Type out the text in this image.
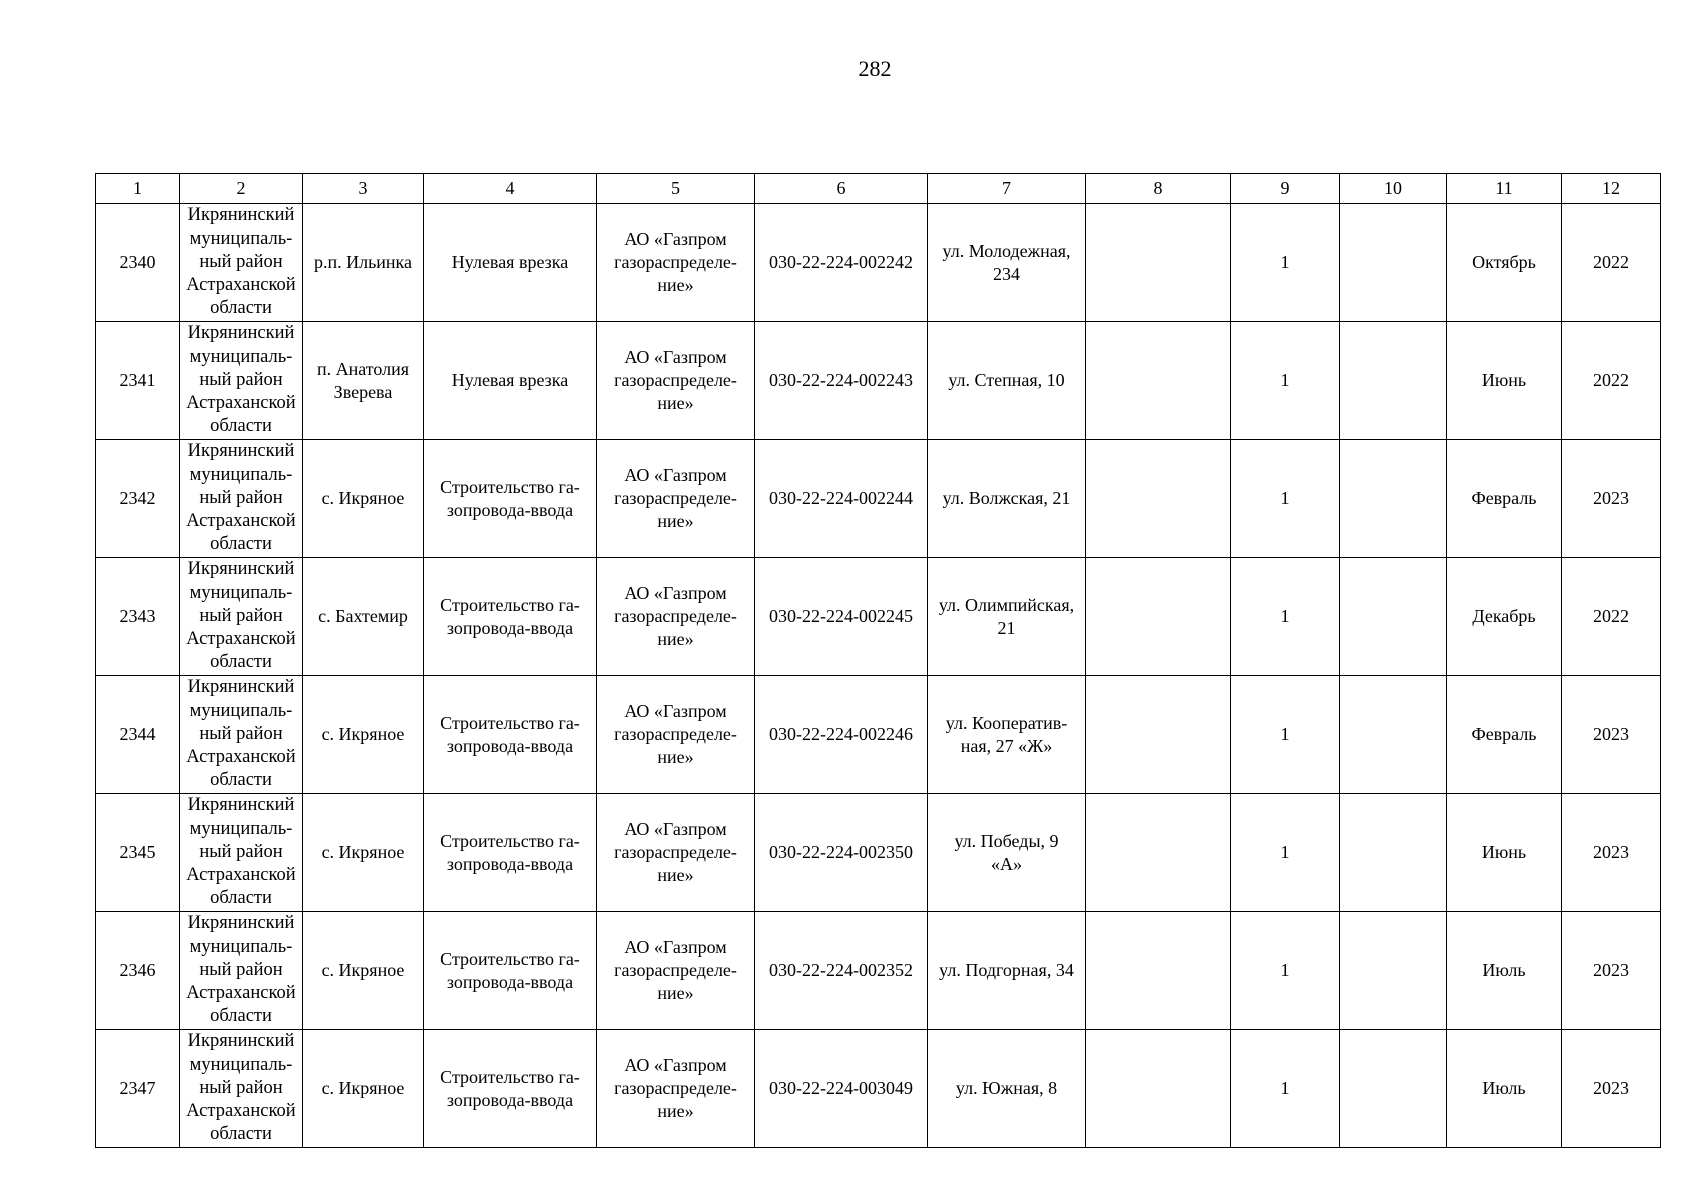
282
1	2	3	4	5	6	7	8	9	10	11	12
2340	Икрянинский
муниципаль-
ный район
Астраханской
области	р.п. Ильинка	Нулевая врезка	АО «Газпром
газораспределе-
ние»	030-22-224-002242	ул. Молодежная,
234		1		Октябрь	2022
2341	Икрянинский
муниципаль-
ный район
Астраханской
области	п. Анатолия
Зверева	Нулевая врезка	АО «Газпром
газораспределе-
ние»	030-22-224-002243	ул. Степная, 10		1		Июнь	2022
2342	Икрянинский
муниципаль-
ный район
Астраханской
области	с. Икряное	Строительство га-
зопровода-ввода	АО «Газпром
газораспределе-
ние»	030-22-224-002244	ул. Волжская, 21		1		Февраль	2023
2343	Икрянинский
муниципаль-
ный район
Астраханской
области	с. Бахтемир	Строительство га-
зопровода-ввода	АО «Газпром
газораспределе-
ние»	030-22-224-002245	ул. Олимпийская,
21		1		Декабрь	2022
2344	Икрянинский
муниципаль-
ный район
Астраханской
области	с. Икряное	Строительство га-
зопровода-ввода	АО «Газпром
газораспределе-
ние»	030-22-224-002246	ул. Кооператив-
ная, 27 «Ж»		1		Февраль	2023
2345	Икрянинский
муниципаль-
ный район
Астраханской
области	с. Икряное	Строительство га-
зопровода-ввода	АО «Газпром
газораспределе-
ние»	030-22-224-002350	ул. Победы, 9
«А»		1		Июнь	2023
2346	Икрянинский
муниципаль-
ный район
Астраханской
области	с. Икряное	Строительство га-
зопровода-ввода	АО «Газпром
газораспределе-
ние»	030-22-224-002352	ул. Подгорная, 34		1		Июль	2023
2347	Икрянинский
муниципаль-
ный район
Астраханской
области	с. Икряное	Строительство га-
зопровода-ввода	АО «Газпром
газораспределе-
ние»	030-22-224-003049	ул. Южная, 8		1		Июль	2023
